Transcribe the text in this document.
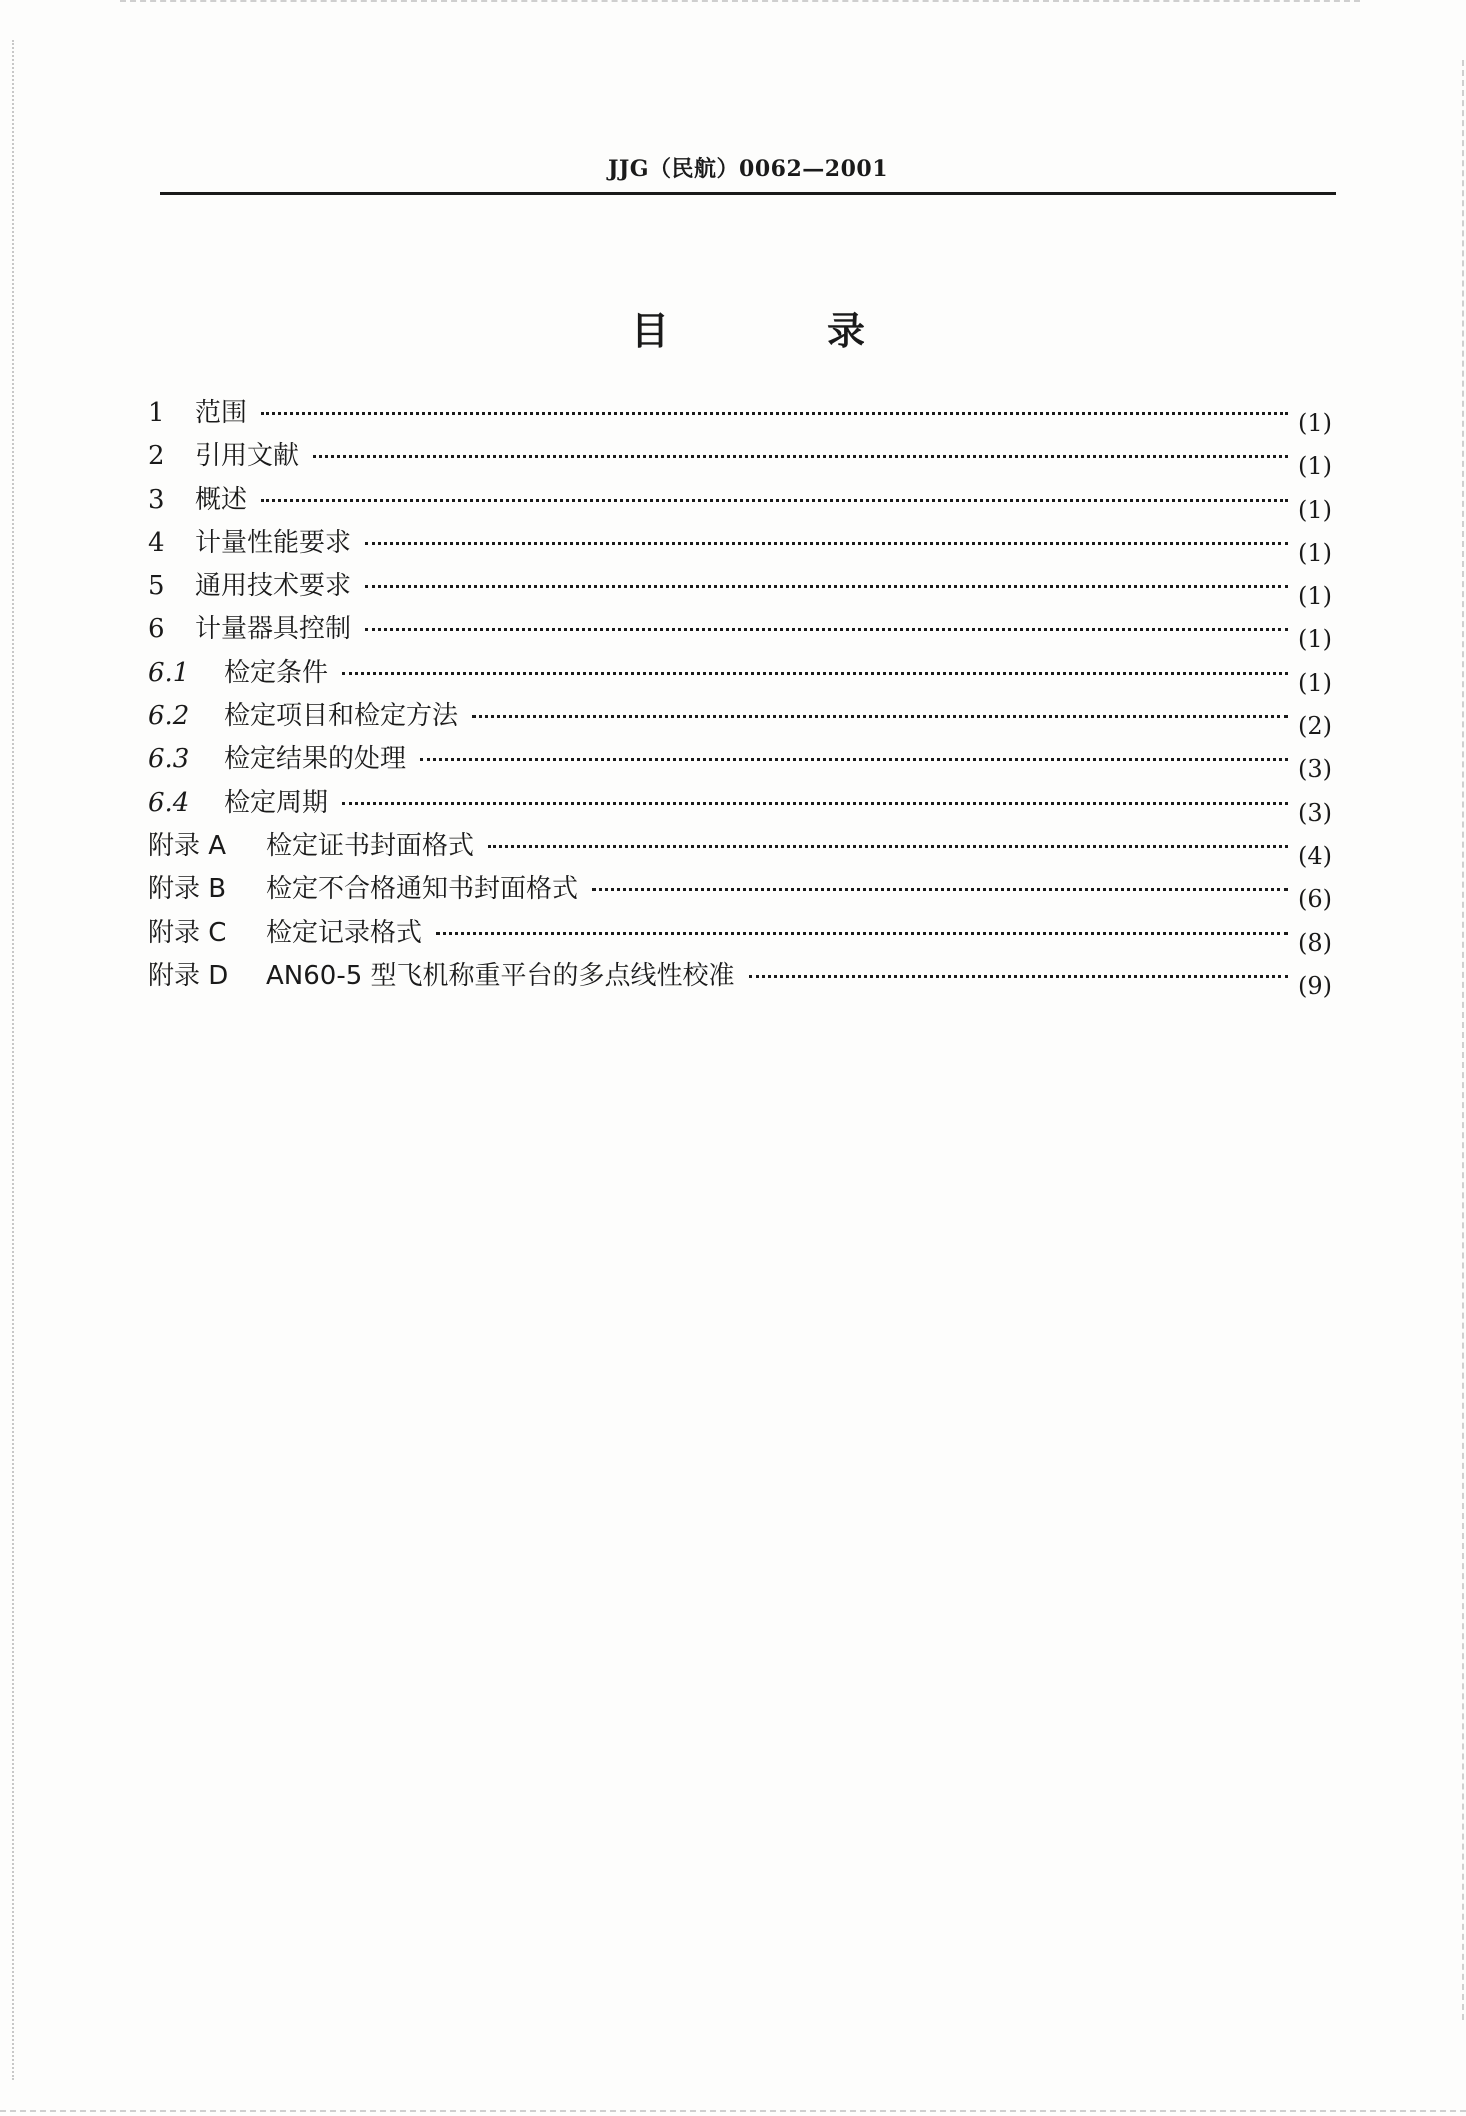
JJG（民航）0062—2001
目　录
1	范围	(1)
2	引用文献	(1)
3	概述	(1)
4	计量性能要求	(1)
5	通用技术要求	(1)
6	计量器具控制	(1)
6.1	检定条件	(1)
6.2	检定项目和检定方法	(2)
6.3	检定结果的处理	(3)
6.4	检定周期	(3)
附录 A	检定证书封面格式	(4)
附录 B	检定不合格通知书封面格式	(6)
附录 C	检定记录格式	(8)
附录 D	AN60-5 型飞机称重平台的多点线性校准	(9)
